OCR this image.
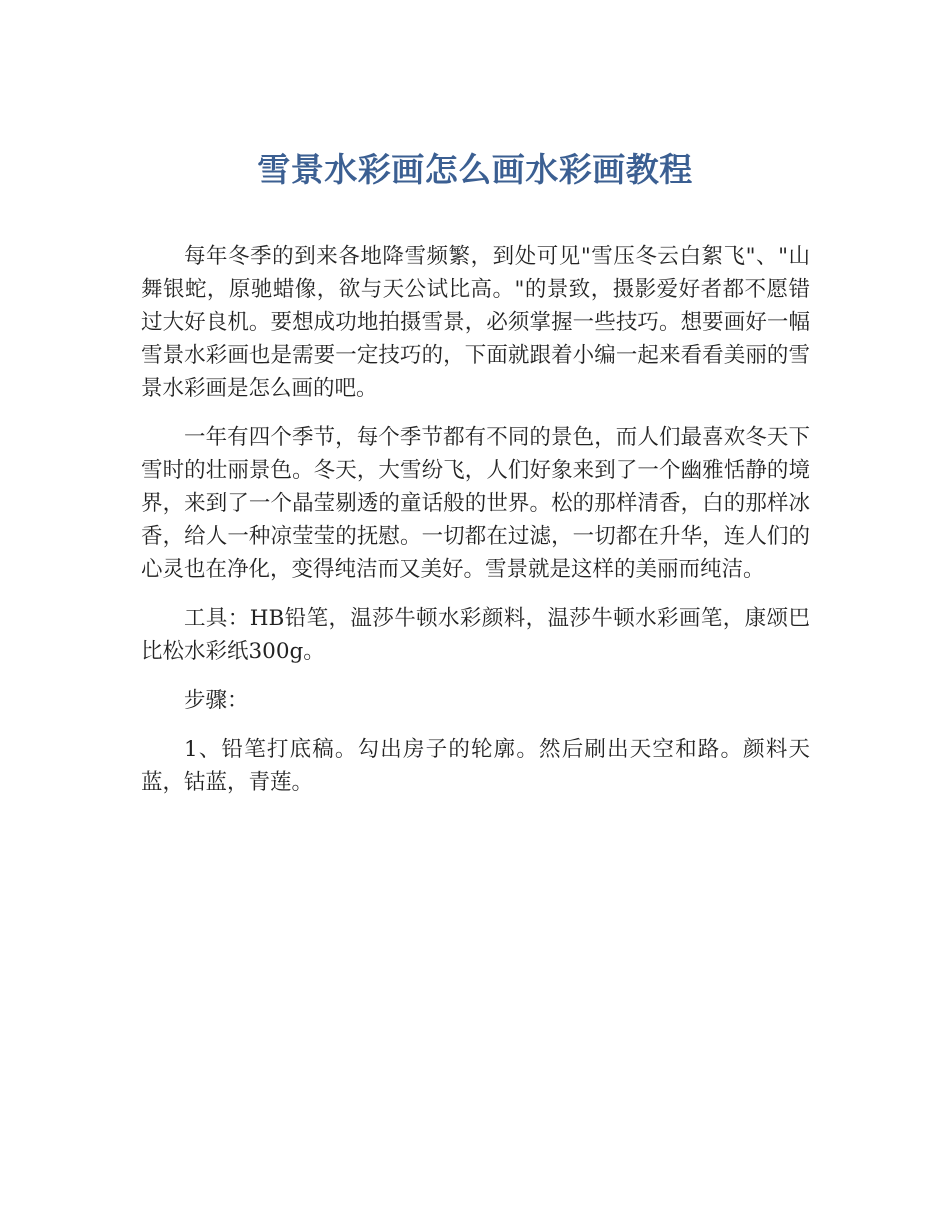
雪景水彩画怎么画水彩画教程

每年冬季的到来各地降雪频繁，到处可见"雪压冬云白絮飞"、"山舞银蛇，原驰蜡像，欲与天公试比高。"的景致，摄影爱好者都不愿错过大好良机。要想成功地拍摄雪景，必须掌握一些技巧。想要画好一幅雪景水彩画也是需要一定技巧的，下面就跟着小编一起来看看美丽的雪景水彩画是怎么画的吧。

一年有四个季节，每个季节都有不同的景色，而人们最喜欢冬天下雪时的壮丽景色。冬天，大雪纷飞，人们好象来到了一个幽雅恬静的境界，来到了一个晶莹剔透的童话般的世界。松的那样清香，白的那样冰香，给人一种凉莹莹的抚慰。一切都在过滤，一切都在升华，连人们的心灵也在净化，变得纯洁而又美好。雪景就是这样的美丽而纯洁。

工具：HB铅笔，温莎牛顿水彩颜料，温莎牛顿水彩画笔，康颂巴比松水彩纸300g。

步骤：

1、铅笔打底稿。勾出房子的轮廓。然后刷出天空和路。颜料天蓝，钴蓝，青莲。
